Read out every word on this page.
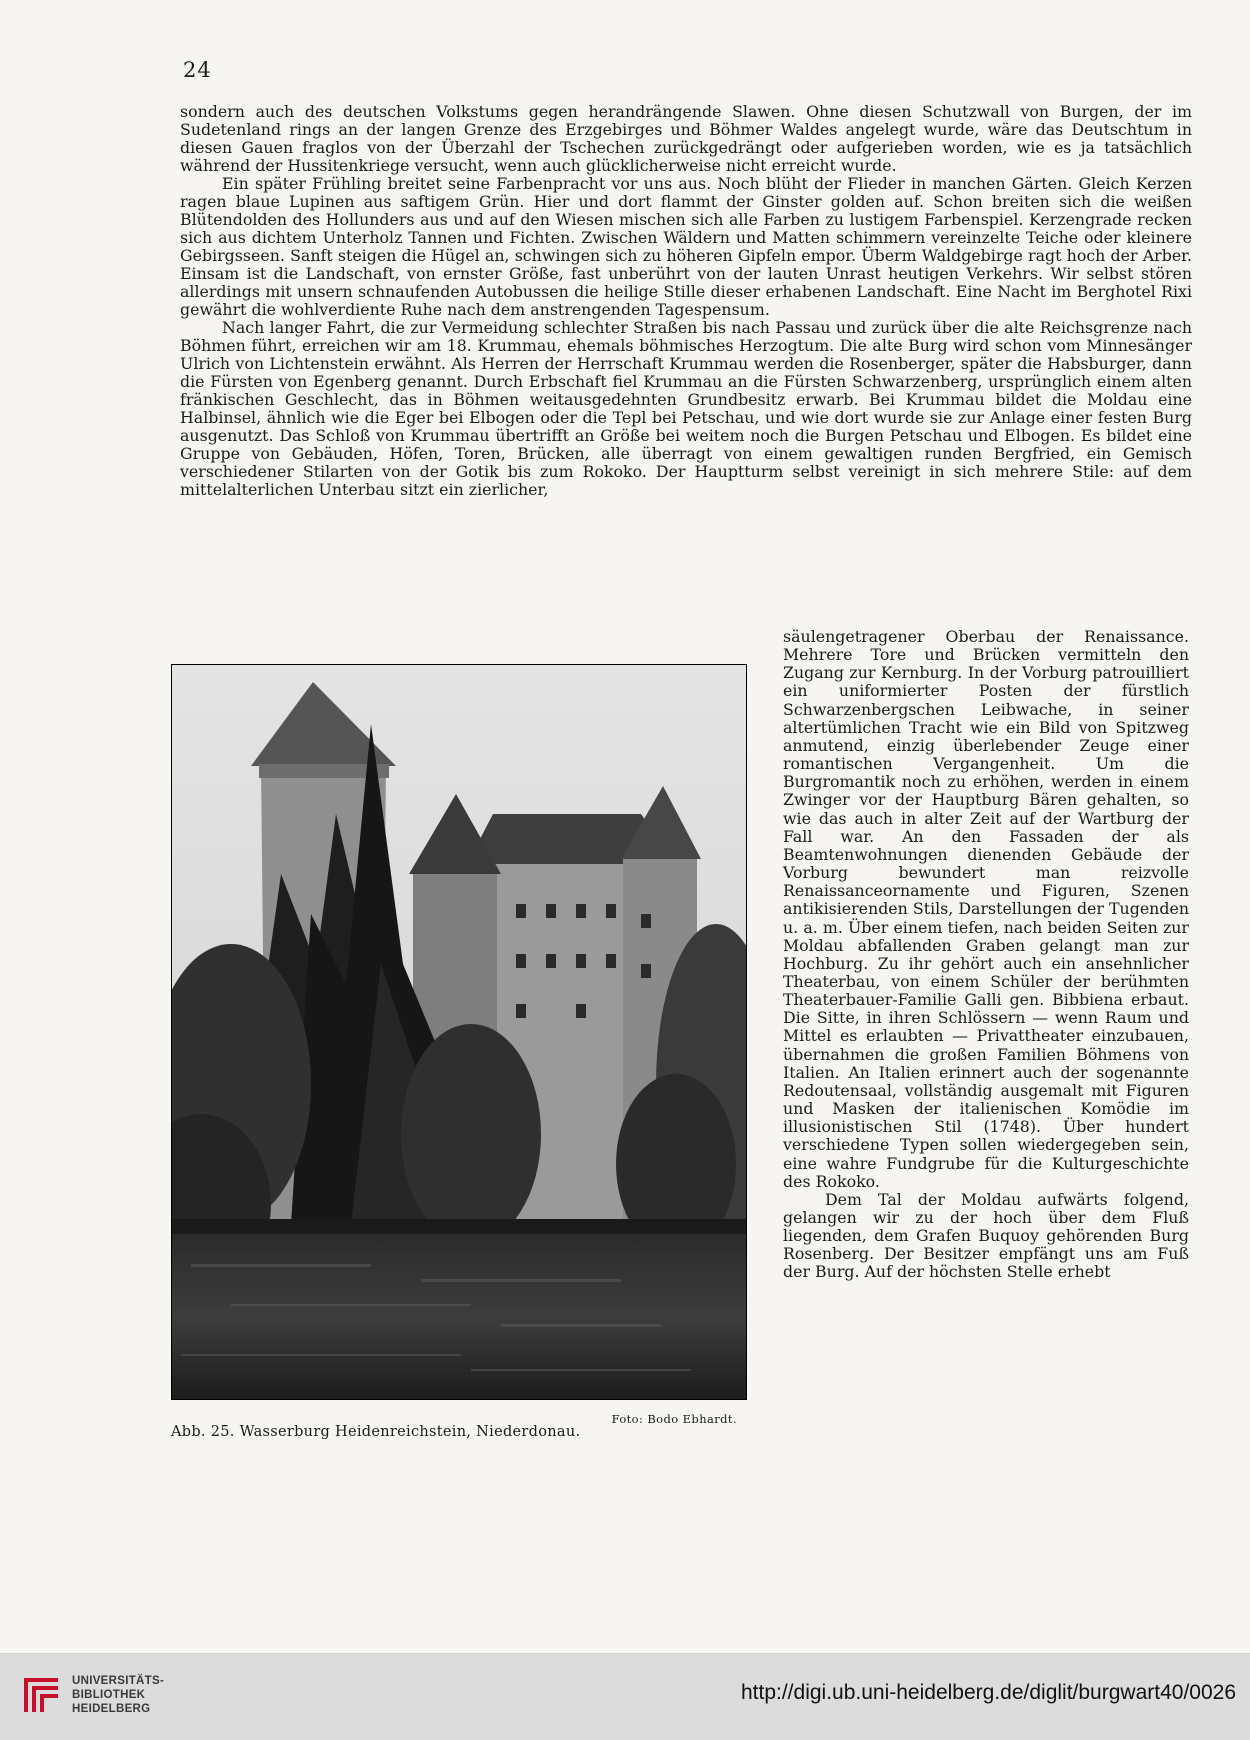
24

sondern auch des deutschen Volkstums gegen herandrängende Slawen. Ohne diesen Schutzwall von Burgen, der im Sudetenland rings an der langen Grenze des Erzgebirges und Böhmer Waldes angelegt wurde, wäre das Deutschtum in diesen Gauen fraglos von der Überzahl der Tschechen zurückgedrängt oder aufgerieben worden, wie es ja tatsächlich während der Hussitenkriege versucht, wenn auch glücklicherweise nicht erreicht wurde.

Ein später Frühling breitet seine Farbenpracht vor uns aus. Noch blüht der Flieder in manchen Gärten. Gleich Kerzen ragen blaue Lupinen aus saftigem Grün. Hier und dort flammt der Ginster golden auf. Schon breiten sich die weißen Blütendolden des Hollunders aus und auf den Wiesen mischen sich alle Farben zu lustigem Farbenspiel. Kerzengrade recken sich aus dichtem Unterholz Tannen und Fichten. Zwischen Wäldern und Matten schimmern vereinzelte Teiche oder kleinere Gebirgsseen. Sanft steigen die Hügel an, schwingen sich zu höheren Gipfeln empor. Überm Waldgebirge ragt hoch der Arber. Einsam ist die Landschaft, von ernster Größe, fast unberührt von der lauten Unrast heutigen Verkehrs. Wir selbst stören allerdings mit unsern schnaufenden Autobussen die heilige Stille dieser erhabenen Landschaft. Eine Nacht im Berghotel Rixi gewährt die wohlverdiente Ruhe nach dem anstrengenden Tagespensum.

Nach langer Fahrt, die zur Vermeidung schlechter Straßen bis nach Passau und zurück über die alte Reichsgrenze nach Böhmen führt, erreichen wir am 18. Krummau, ehemals böhmisches Herzogtum. Die alte Burg wird schon vom Minnesänger Ulrich von Lichtenstein erwähnt. Als Herren der Herrschaft Krummau werden die Rosenberger, später die Habsburger, dann die Fürsten von Egenberg genannt. Durch Erbschaft fiel Krummau an die Fürsten Schwarzenberg, ursprünglich einem alten fränkischen Geschlecht, das in Böhmen weitausgedehnten Grundbesitz erwarb. Bei Krummau bildet die Moldau eine Halbinsel, ähnlich wie die Eger bei Elbogen oder die Tepl bei Petschau, und wie dort wurde sie zur Anlage einer festen Burg ausgenutzt. Das Schloß von Krummau übertrifft an Größe bei weitem noch die Burgen Petschau und Elbogen. Es bildet eine Gruppe von Gebäuden, Höfen, Toren, Brücken, alle überragt von einem gewaltigen runden Bergfried, ein Gemisch verschiedener Stilarten von der Gotik bis zum Rokoko. Der Hauptturm selbst vereinigt in sich mehrere Stile: auf dem mittelalterlichen Unterbau sitzt ein zierlicher,

Abb. 25. Wasserburg Heidenreichstein, Niederdonau.
Foto: Bodo Ebhardt.

säulengetragener Oberbau der Renaissance. Mehrere Tore und Brücken vermitteln den Zugang zur Kernburg. In der Vorburg patrouilliert ein uniformierter Posten der fürstlich Schwarzenbergschen Leibwache, in seiner altertümlichen Tracht wie ein Bild von Spitzweg anmutend, einzig überlebender Zeuge einer romantischen Vergangenheit. Um die Burgromantik noch zu erhöhen, werden in einem Zwinger vor der Hauptburg Bären gehalten, so wie das auch in alter Zeit auf der Wartburg der Fall war. An den Fassaden der als Beamtenwohnungen dienenden Gebäude der Vorburg bewundert man reizvolle Renaissanceornamente und Figuren, Szenen antikisierenden Stils, Darstellungen der Tugenden u. a. m. Über einem tiefen, nach beiden Seiten zur Moldau abfallenden Graben gelangt man zur Hochburg. Zu ihr gehört auch ein ansehnlicher Theaterbau, von einem Schüler der berühmten Theaterbauer-Familie Galli gen. Bibbiena erbaut. Die Sitte, in ihren Schlössern — wenn Raum und Mittel es erlaubten — Privattheater einzubauen, übernahmen die großen Familien Böhmens von Italien. An Italien erinnert auch der sogenannte Redoutensaal, vollständig ausgemalt mit Figuren und Masken der italienischen Komödie im illusionistischen Stil (1748). Über hundert verschiedene Typen sollen wiedergegeben sein, eine wahre Fundgrube für die Kulturgeschichte des Rokoko.

Dem Tal der Moldau aufwärts folgend, gelangen wir zu der hoch über dem Fluß liegenden, dem Grafen Buquoy gehörenden Burg Rosenberg. Der Besitzer empfängt uns am Fuß der Burg. Auf der höchsten Stelle erhebt

UNIVERSITÄTS-
BIBLIOTHEK
HEIDELBERG
http://digi.ub.uni-heidelberg.de/diglit/burgwart40/0026
